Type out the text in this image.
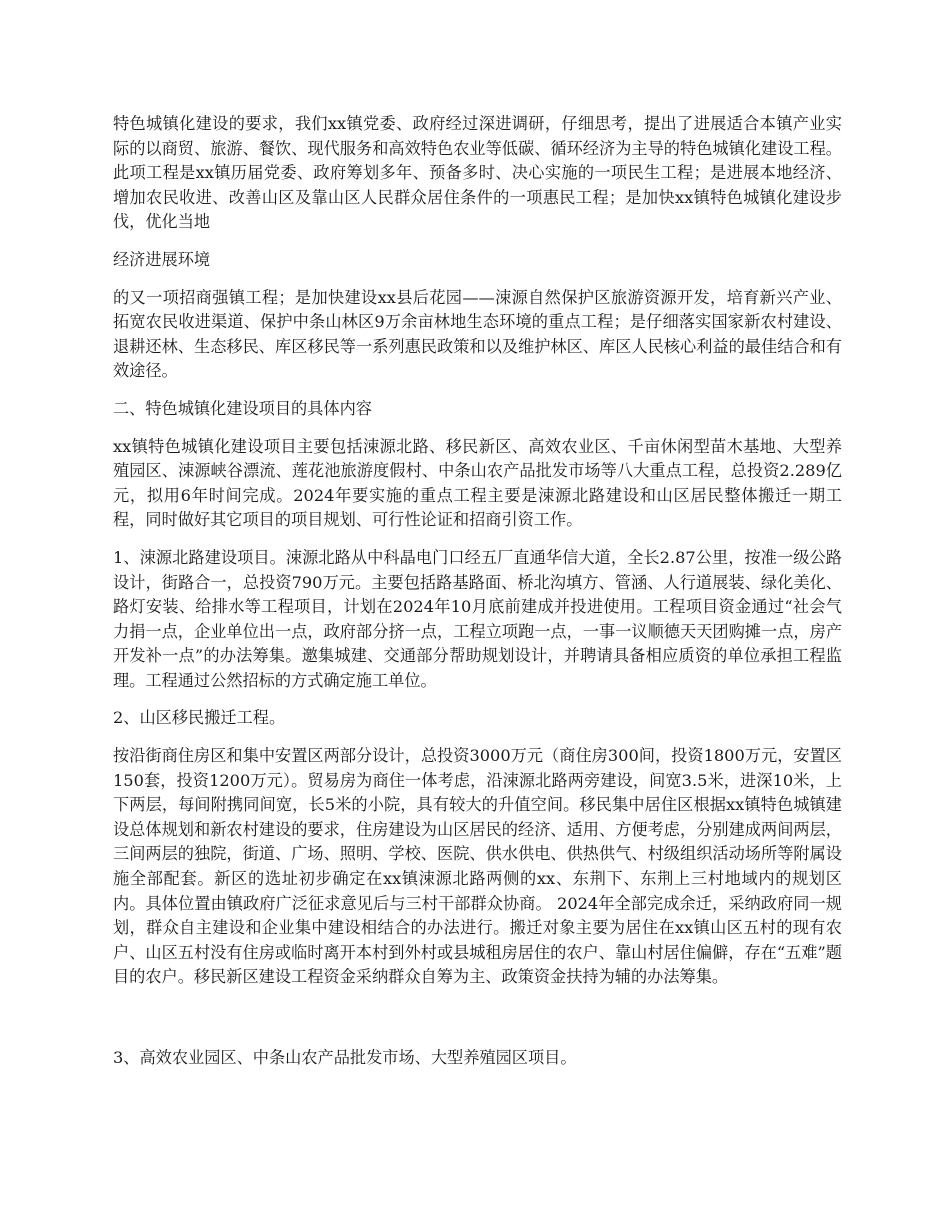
特色城镇化建设的要求，我们xx镇党委、政府经过深进调研，仔细思考，提出了进展适合本镇产业实际的以商贸、旅游、餐饮、现代服务和高效特色农业等低碳、循环经济为主导的特色城镇化建设工程。此项工程是xx镇历届党委、政府筹划多年、预备多时、决心实施的一项民生工程；是进展本地经济、增加农民收进、改善山区及靠山区人民群众居住条件的一项惠民工程；是加快xx镇特色城镇化建设步伐，优化当地

经济进展环境

的又一项招商强镇工程；是加快建设xx县后花园——涑源自然保护区旅游资源开发，培育新兴产业、拓宽农民收进渠道、保护中条山林区9万余亩林地生态环境的重点工程；是仔细落实国家新农村建设、退耕还林、生态移民、库区移民等一系列惠民政策和以及维护林区、库区人民核心利益的最佳结合和有效途径。

二、特色城镇化建设项目的具体内容

xx镇特色城镇化建设项目主要包括涑源北路、移民新区、高效农业区、千亩休闲型苗木基地、大型养殖园区、涑源峡谷漂流、莲花池旅游度假村、中条山农产品批发市场等八大重点工程，总投资2.289亿元，拟用6年时间完成。2024年要实施的重点工程主要是涑源北路建设和山区居民整体搬迁一期工程，同时做好其它项目的项目规划、可行性论证和招商引资工作。

1、涑源北路建设项目。涑源北路从中科晶电门口经五厂直通华信大道，全长2.87公里，按准一级公路设计，街路合一，总投资790万元。主要包括路基路面、桥北沟填方、管涵、人行道展装、绿化美化、路灯安装、给排水等工程项目，计划在2024年10月底前建成并投进使用。工程项目资金通过“社会气力捐一点，企业单位出一点，政府部分挤一点，工程立项跑一点，一事一议顺德天天团购摊一点，房产开发补一点”的办法筹集。邀集城建、交通部分帮助规划设计，并聘请具备相应质资的单位承担工程监理。工程通过公然招标的方式确定施工单位。

2、山区移民搬迁工程。

按沿街商住房区和集中安置区两部分设计，总投资3000万元（商住房300间，投资1800万元，安置区150套，投资1200万元）。贸易房为商住一体考虑，沿涑源北路两旁建设，间宽3.5米，进深10米，上下两层，每间附携同间宽，长5米的小院，具有较大的升值空间。移民集中居住区根据xx镇特色城镇建设总体规划和新农村建设的要求，住房建设为山区居民的经济、适用、方便考虑，分别建成两间两层，三间两层的独院，街道、广场、照明、学校、医院、供水供电、供热供气、村级组织活动场所等附属设施全部配套。新区的选址初步确定在xx镇涑源北路两侧的xx、东荆下、东荆上三村地域内的规划区内。具体位置由镇政府广泛征求意见后与三村干部群众协商。 2024年全部完成余迁，采纳政府同一规划，群众自主建设和企业集中建设相结合的办法进行。搬迁对象主要为居住在xx镇山区五村的现有农户、山区五村没有住房或临时离开本村到外村或县城租房居住的农户、靠山村居住偏僻，存在“五难”题目的农户。移民新区建设工程资金采纳群众自筹为主、政策资金扶持为辅的办法筹集。

3、高效农业园区、中条山农产品批发市场、大型养殖园区项目。
